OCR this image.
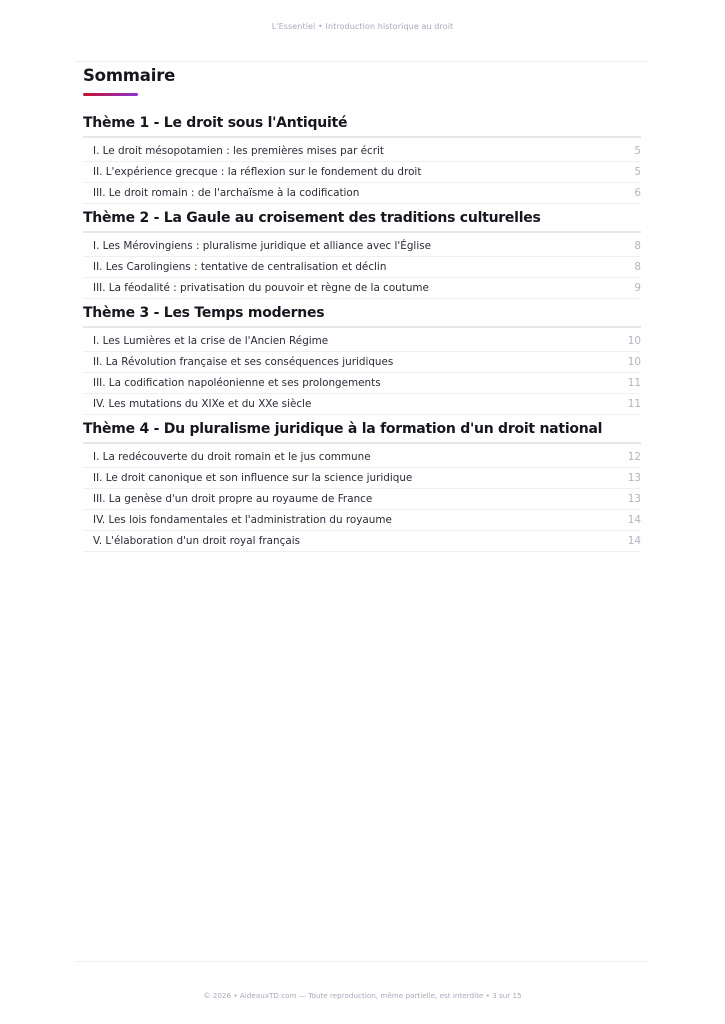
L'Essentiel • Introduction historique au droit
Sommaire
Thème 1 - Le droit sous l'Antiquité
I. Le droit mésopotamien : les premières mises par écrit	5
II. L'expérience grecque : la réflexion sur le fondement du droit	5
III. Le droit romain : de l'archaïsme à la codification	6
Thème 2 - La Gaule au croisement des traditions culturelles
I. Les Mérovingiens : pluralisme juridique et alliance avec l'Église	8
II. Les Carolingiens : tentative de centralisation et déclin	8
III. La féodalité : privatisation du pouvoir et règne de la coutume	9
Thème 3 - Les Temps modernes
I. Les Lumières et la crise de l'Ancien Régime	10
II. La Révolution française et ses conséquences juridiques	10
III. La codification napoléonienne et ses prolongements	11
IV. Les mutations du XIXe et du XXe siècle	11
Thème 4 - Du pluralisme juridique à la formation d'un droit national
I. La redécouverte du droit romain et le jus commune	12
II. Le droit canonique et son influence sur la science juridique	13
III. La genèse d'un droit propre au royaume de France	13
IV. Les lois fondamentales et l'administration du royaume	14
V. L'élaboration d'un droit royal français	14
© 2026 • AideauxTD.com — Toute reproduction, même partielle, est interdite • 3 sur 15
